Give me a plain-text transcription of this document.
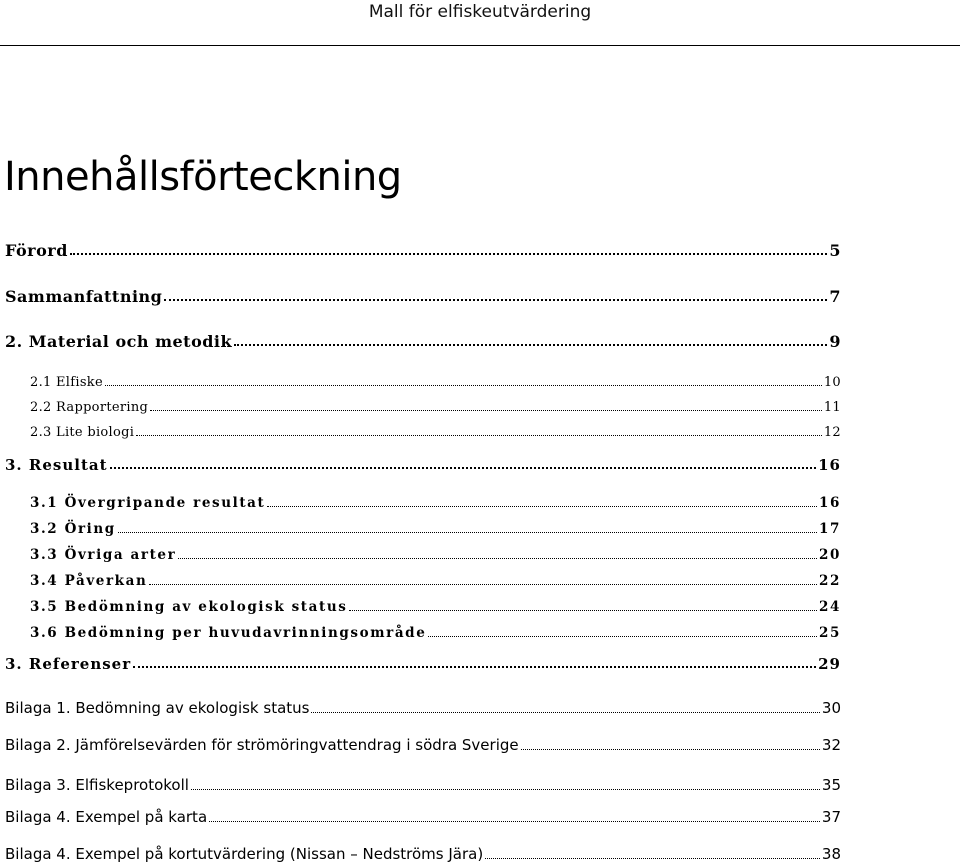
Mall för elfiskeutvärdering
Innehållsförteckning
Förord	5
Sammanfattning	7
2. Material och metodik	9
2.1 Elfiske	10
2.2 Rapportering	11
2.3 Lite biologi	12
3. Resultat	16
3.1 Övergripande resultat	16
3.2 Öring	17
3.3 Övriga arter	20
3.4 Påverkan	22
3.5 Bedömning av ekologisk status	24
3.6 Bedömning per huvudavrinningsområde	25
3. Referenser	29
Bilaga 1. Bedömning av ekologisk status	30
Bilaga 2. Jämförelsevärden för strömöringvattendrag i södra Sverige	32
Bilaga 3. Elfiskeprotokoll	35
Bilaga 4. Exempel på karta	37
Bilaga 4. Exempel på kortutvärdering (Nissan – Nedströms Jära)	38
